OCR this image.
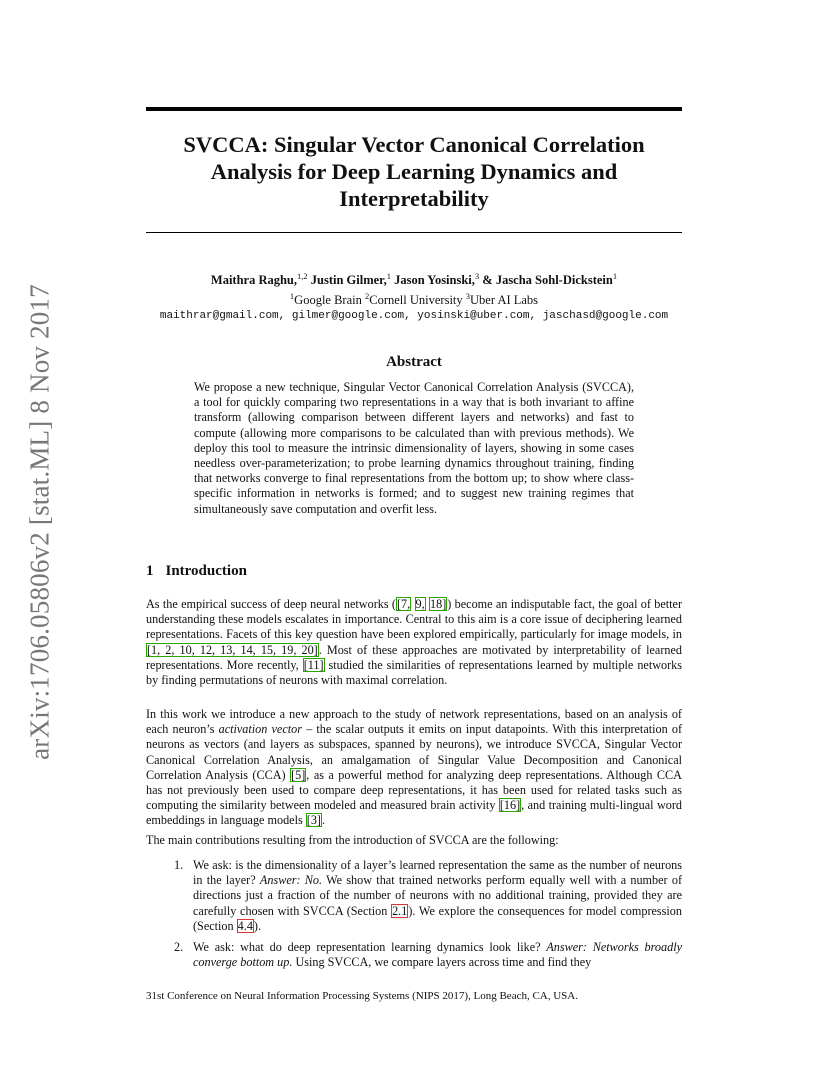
arXiv:1706.05806v2 [stat.ML] 8 Nov 2017
SVCCA: Singular Vector Canonical Correlation Analysis for Deep Learning Dynamics and Interpretability
Maithra Raghu,$^{1,2}$ Justin Gilmer,$^1$ Jason Yosinski,$^3$ & Jascha Sohl-Dickstein$^1$
$^1$Google Brain $^2$Cornell University $^3$Uber AI Labs
maithrar@gmail.com, gilmer@google.com, yosinski@uber.com, jaschasd@google.com
Abstract
We propose a new technique, Singular Vector Canonical Correlation Analysis (SVCCA), a tool for quickly comparing two representations in a way that is both invariant to affine transform (allowing comparison between different layers and networks) and fast to compute (allowing more comparisons to be calculated than with previous methods). We deploy this tool to measure the intrinsic dimensionality of layers, showing in some cases needless over-parameterization; to probe learning dynamics throughout training, finding that networks converge to final representations from the bottom up; to show where class-specific information in networks is formed; and to suggest new training regimes that simultaneously save computation and overfit less.
1 Introduction

As the empirical success of deep neural networks ([7, 9, 18]) become an indisputable fact, the goal of better understanding these models escalates in importance. Central to this aim is a core issue of deciphering learned representations. Facets of this key question have been explored empirically, particularly for image models, in [1, 2, 10, 12, 13, 14, 15, 19, 20]. Most of these approaches are motivated by interpretability of learned representations. More recently, [11] studied the similarities of representations learned by multiple networks by finding permutations of neurons with maximal correlation.

In this work we introduce a new approach to the study of network representations, based on an analysis of each neuron’s activation vector – the scalar outputs it emits on input datapoints. With this interpretation of neurons as vectors (and layers as subspaces, spanned by neurons), we introduce SVCCA, Singular Vector Canonical Correlation Analysis, an amalgamation of Singular Value Decomposition and Canonical Correlation Analysis (CCA) [5], as a powerful method for analyzing deep representations. Although CCA has not previously been used to compare deep representations, it has been used for related tasks such as computing the similarity between modeled and measured brain activity [16], and training multi-lingual word embeddings in language models [3].

The main contributions resulting from the introduction of SVCCA are the following:

1. We ask: is the dimensionality of a layer’s learned representation the same as the number of neurons in the layer? Answer: No. We show that trained networks perform equally well with a number of directions just a fraction of the number of neurons with no additional training, provided they are carefully chosen with SVCCA (Section 2.1). We explore the consequences for model compression (Section 4.4).
2. We ask: what do deep representation learning dynamics look like? Answer: Networks broadly converge bottom up. Using SVCCA, we compare layers across time and find they
31st Conference on Neural Information Processing Systems (NIPS 2017), Long Beach, CA, USA.
